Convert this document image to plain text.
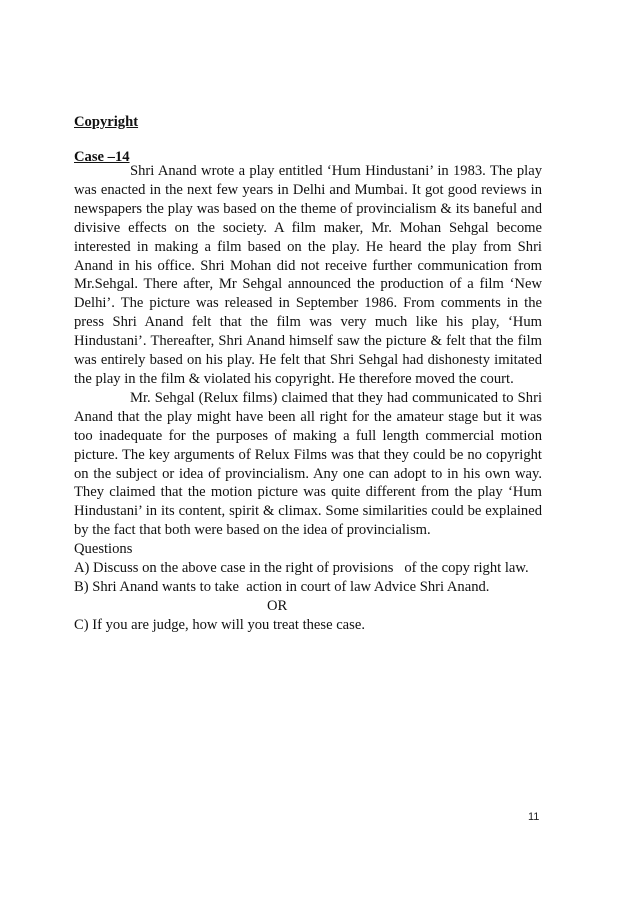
Copyright
Case –14

Shri Anand wrote a play entitled ‘Hum Hindustani’ in 1983. The play was enacted in the next few years in Delhi and Mumbai. It got good reviews in newspapers the play was based on the theme of provincialism & its baneful and divisive effects on the society. A film maker, Mr. Mohan Sehgal become interested in making a film based on the play. He heard the play from Shri Anand in his office. Shri Mohan did not receive further communication from Mr.Sehgal. There after, Mr Sehgal announced the production of a film ‘New Delhi’. The picture was released in September 1986. From comments in the press Shri Anand felt that the film was very much like his play, ‘Hum Hindustani’. Thereafter, Shri Anand himself saw the picture & felt that the film was entirely based on his play. He felt that Shri Sehgal had dishonesty imitated the play in the film & violated his copyright. He therefore moved the court.

Mr. Sehgal (Relux films) claimed that they had communicated to Shri Anand that the play might have been all right for the amateur stage but it was too inadequate for the purposes of making a full length commercial motion picture. The key arguments of Relux Films was that they could be no copyright on the subject or idea of provincialism. Any one can adopt to in his own way. They claimed that the motion picture was quite different from the play ‘Hum Hindustani’ in its content, spirit & climax. Some similarities could be explained by the fact that both were based on the idea of provincialism.

Questions

A) Discuss on the above case in the right of provisions   of the copy right law.

B) Shri Anand wants to take  action in court of law Advice Shri Anand.

OR

C) If you are judge, how will you treat these case.

11
